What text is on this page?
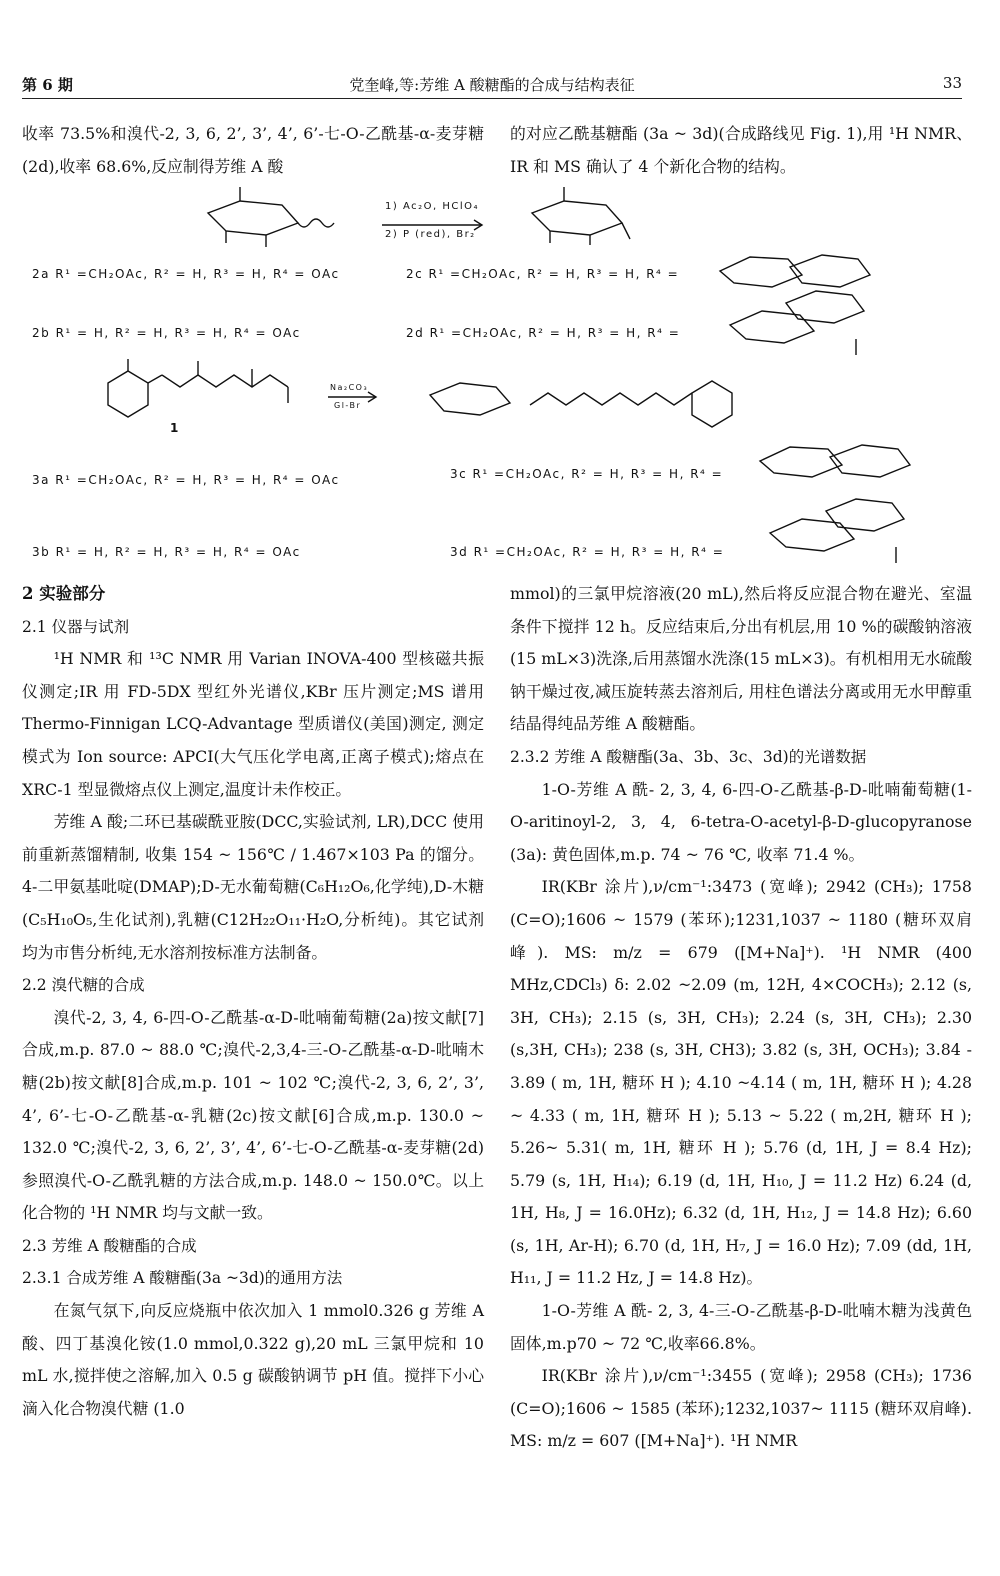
第 6 期	党奎峰,等:芳维 A 酸糖酯的合成与结构表征	33

收率 73.5%和溴代-2, 3, 6, 2’, 3’, 4’, 6’-七-O-乙酰基-α-麦芽糖(2d),收率 68.6%,反应制得芳维 A 酸

的对应乙酰基糖酯 (3a ~ 3d)(合成路线见 Fig. 1),用 ¹H NMR、IR 和 MS 确认了 4 个新化合物的结构。

1) Ac₂O, HClO₄
2) P (red), Br₂
Na₂CO₃
Gl-Br
1
2a R¹ =CH₂OAc, R² = H, R³ = H, R⁴ = OAc	2c R¹ =CH₂OAc, R² = H, R³ = H, R⁴ =
2b R¹ = H, R² = H, R³ = H, R⁴ = OAc	2d R¹ =CH₂OAc, R² = H, R³ = H, R⁴ =
3a R¹ =CH₂OAc, R² = H, R³ = H, R⁴ = OAc	3c R¹ =CH₂OAc, R² = H, R³ = H, R⁴ =
3b R¹ = H, R² = H, R³ = H, R⁴ = OAc	3d R¹ =CH₂OAc, R² = H, R³ = H, R⁴ =

2 实验部分

2.1 仪器与试剂

¹H NMR 和 ¹³C NMR 用 Varian INOVA-400 型核磁共振仪测定;IR 用 FD-5DX 型红外光谱仪,KBr 压片测定;MS 谱用 Thermo-Finnigan LCQ-Advantage 型质谱仪(美国)测定, 测定模式为 Ion source: APCI(大气压化学电离,正离子模式);熔点在 XRC-1 型显微熔点仪上测定,温度计未作校正。

芳维 A 酸;二环已基碳酰亚胺(DCC,实验试剂, LR),DCC 使用前重新蒸馏精制, 收集 154 ~ 156℃ / 1.467×103 Pa 的馏分。4-二甲氨基吡啶(DMAP);D-无水葡萄糖(C₆H₁₂O₆,化学纯),D-木糖(C₅H₁₀O₅,生化试剂),乳糖(C12H₂₂O₁₁·H₂O,分析纯)。其它试剂均为市售分析纯,无水溶剂按标准方法制备。

2.2 溴代糖的合成

溴代-2, 3, 4, 6-四-O-乙酰基-α-D-吡喃葡萄糖(2a)按文献[7]合成,m.p. 87.0 ~ 88.0 ℃;溴代-2,3,4-三-O-乙酰基-α-D-吡喃木糖(2b)按文献[8]合成,m.p. 101 ~ 102 ℃;溴代-2, 3, 6, 2’, 3’, 4’, 6’-七-O-乙酰基-α-乳糖(2c)按文献[6]合成,m.p. 130.0 ~ 132.0 ℃;溴代-2, 3, 6, 2’, 3’, 4’, 6’-七-O-乙酰基-α-麦芽糖(2d)参照溴代-O-乙酰乳糖的方法合成,m.p. 148.0 ~ 150.0℃。以上化合物的 ¹H NMR 均与文献一致。

2.3 芳维 A 酸糖酯的合成

2.3.1 合成芳维 A 酸糖酯(3a ~3d)的通用方法

在氮气氛下,向反应烧瓶中依次加入 1 mmol0.326 g 芳维 A 酸、四丁基溴化铵(1.0 mmol,0.322 g),20 mL 三氯甲烷和 10 mL 水,搅拌使之溶解,加入 0.5 g 碳酸钠调节 pH 值。搅拌下小心滴入化合物溴代糖 (1.0

mmol)的三氯甲烷溶液(20 mL),然后将反应混合物在避光、室温条件下搅拌 12 h。反应结束后,分出有机层,用 10 %的碳酸钠溶液(15 mL×3)洗涤,后用蒸馏水洗涤(15 mL×3)。有机相用无水硫酸钠干燥过夜,减压旋转蒸去溶剂后, 用柱色谱法分离或用无水甲醇重结晶得纯品芳维 A 酸糖酯。

2.3.2 芳维 A 酸糖酯(3a、3b、3c、3d)的光谱数据

1-O-芳维 A 酰- 2, 3, 4, 6-四-O-乙酰基-β-D-吡喃葡萄糖(1-O-aritinoyl-2, 3, 4, 6-tetra-O-acetyl-β-D-glucopyranose (3a): 黄色固体,m.p. 74 ~ 76 ℃, 收率 71.4 %。

IR(KBr 涂片),ν/cm⁻¹:3473 (宽峰); 2942 (CH₃); 1758 (C=O);1606 ~ 1579 (苯环);1231,1037 ~ 1180 (糖环双肩峰). MS: m/z = 679 ([M+Na]⁺). ¹H NMR (400 MHz,CDCl₃) δ: 2.02 ~2.09 (m, 12H, 4×COCH₃); 2.12 (s, 3H, CH₃); 2.15 (s, 3H, CH₃); 2.24 (s, 3H, CH₃); 2.30 (s,3H, CH₃); 238 (s, 3H, CH3); 3.82 (s, 3H, OCH₃); 3.84 - 3.89 ( m, 1H, 糖环 H ); 4.10 ~4.14 ( m, 1H, 糖环 H ); 4.28 ~ 4.33 ( m, 1H, 糖环 H ); 5.13 ~ 5.22 ( m,2H, 糖环 H ); 5.26~ 5.31( m, 1H, 糖环 H ); 5.76 (d, 1H, J = 8.4 Hz); 5.79 (s, 1H, H₁₄); 6.19 (d, 1H, H₁₀, J = 11.2 Hz) 6.24 (d, 1H, H₈, J = 16.0Hz); 6.32 (d, 1H, H₁₂, J = 14.8 Hz); 6.60 (s, 1H, Ar-H); 6.70 (d, 1H, H₇, J = 16.0 Hz); 7.09 (dd, 1H, H₁₁, J = 11.2 Hz, J = 14.8 Hz)。

1-O-芳维 A 酰- 2, 3, 4-三-O-乙酰基-β-D-吡喃木糖为浅黄色固体,m.p70 ~ 72 ℃,收率66.8%。

IR(KBr 涂片),ν/cm⁻¹:3455 (宽峰); 2958 (CH₃); 1736 (C=O);1606 ~ 1585 (苯环);1232,1037~ 1115 (糖环双肩峰). MS: m/z = 607 ([M+Na]⁺). ¹H NMR
